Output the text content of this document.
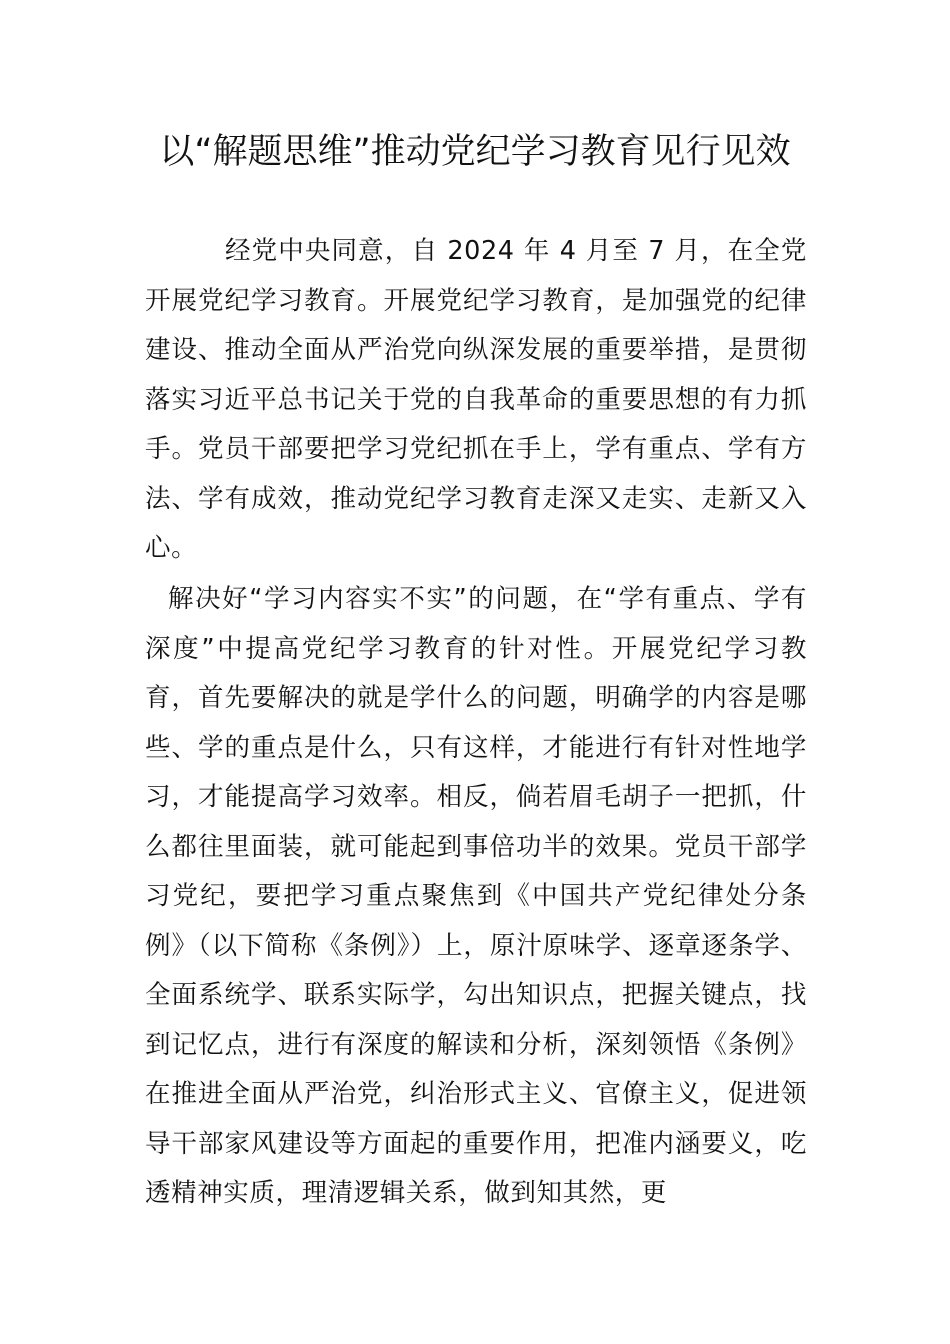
以“解题思维”推动党纪学习教育见行见效

经党中央同意，自 2024 年 4 月至 7 月，在全党开展党纪学习教育。开展党纪学习教育，是加强党的纪律建设、推动全面从严治党向纵深发展的重要举措，是贯彻落实习近平总书记关于党的自我革命的重要思想的有力抓手。党员干部要把学习党纪抓在手上，学有重点、学有方法、学有成效，推动党纪学习教育走深又走实、走新又入心。

解决好“学习内容实不实”的问题，在“学有重点、学有深度”中提高党纪学习教育的针对性。开展党纪学习教育，首先要解决的就是学什么的问题，明确学的内容是哪些、学的重点是什么，只有这样，才能进行有针对性地学习，才能提高学习效率。相反，倘若眉毛胡子一把抓，什么都往里面装，就可能起到事倍功半的效果。党员干部学习党纪，要把学习重点聚焦到《中国共产党纪律处分条例》（以下简称《条例》）上，原汁原味学、逐章逐条学、全面系统学、联系实际学，勾出知识点，把握关键点，找到记忆点，进行有深度的解读和分析，深刻领悟《条例》在推进全面从严治党，纠治形式主义、官僚主义，促进领导干部家风建设等方面起的重要作用，把准内涵要义，吃透精神实质，理清逻辑关系，做到知其然，更
